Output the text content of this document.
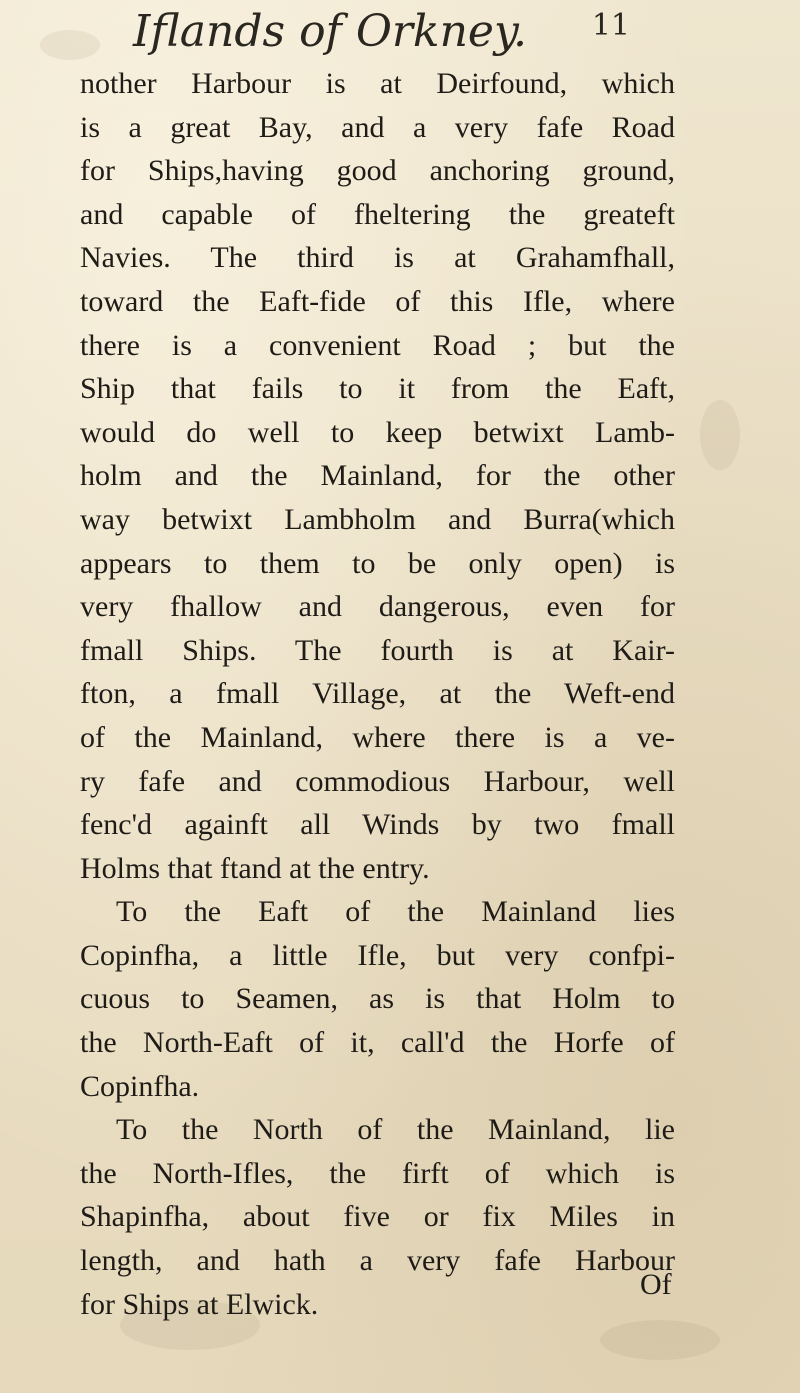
Iflands of Orkney. 11
nother Harbour is at Deirfound, which
is a great Bay, and a very fafe Road
for Ships,having good anchoring ground,
and capable of fheltering the greateft
Navies. The third is at Grahamfhall,
toward the Eaft-fide of this Ifle, where
there is a convenient Road ; but the
Ship that fails to it from the Eaft,
would do well to keep betwixt Lamb-
holm and the Mainland, for the other
way betwixt Lambholm and Burra(which
appears to them to be only open) is
very fhallow and dangerous, even for
fmall Ships. The fourth is at Kair-
fton, a fmall Village, at the Weft-end
of the Mainland, where there is a ve-
ry fafe and commodious Harbour, well
fenc'd againft all Winds by two fmall
Holms that ftand at the entry.
To the Eaft of the Mainland lies
Copinfha, a little Ifle, but very confpi-
cuous to Seamen, as is that Holm to
the North-Eaft of it, call'd the Horfe of
Copinfha.
To the North of the Mainland, lie
the North-Ifles, the firft of which is
Shapinfha, about five or fix Miles in
length, and hath a very fafe Harbour
for Ships at Elwick.
Of
